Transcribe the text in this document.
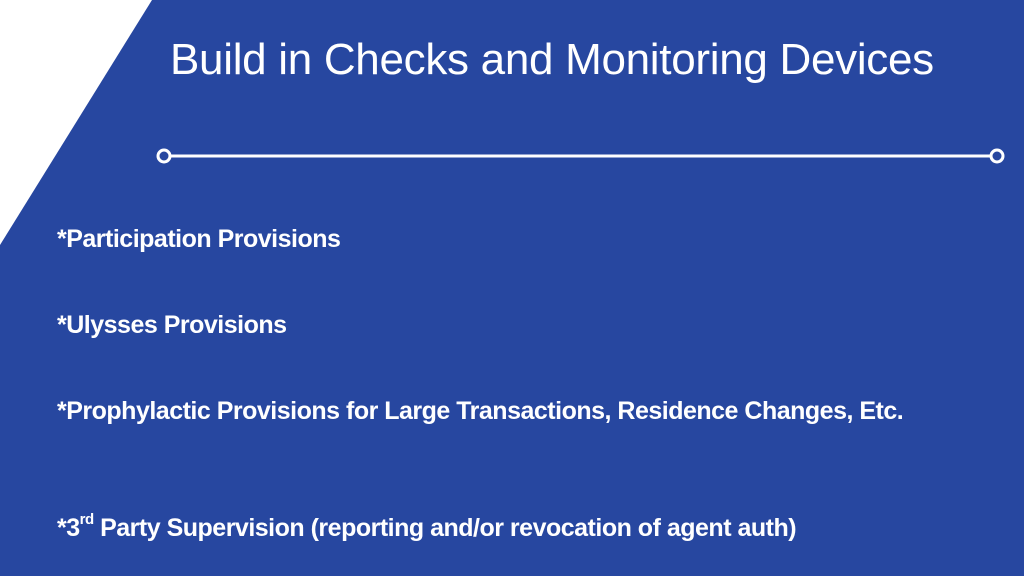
Build in Checks and Monitoring Devices
*Participation Provisions
*Ulysses Provisions
*Prophylactic Provisions for Large Transactions, Residence Changes, Etc.
*3rd Party Supervision (reporting and/or revocation of agent auth)
